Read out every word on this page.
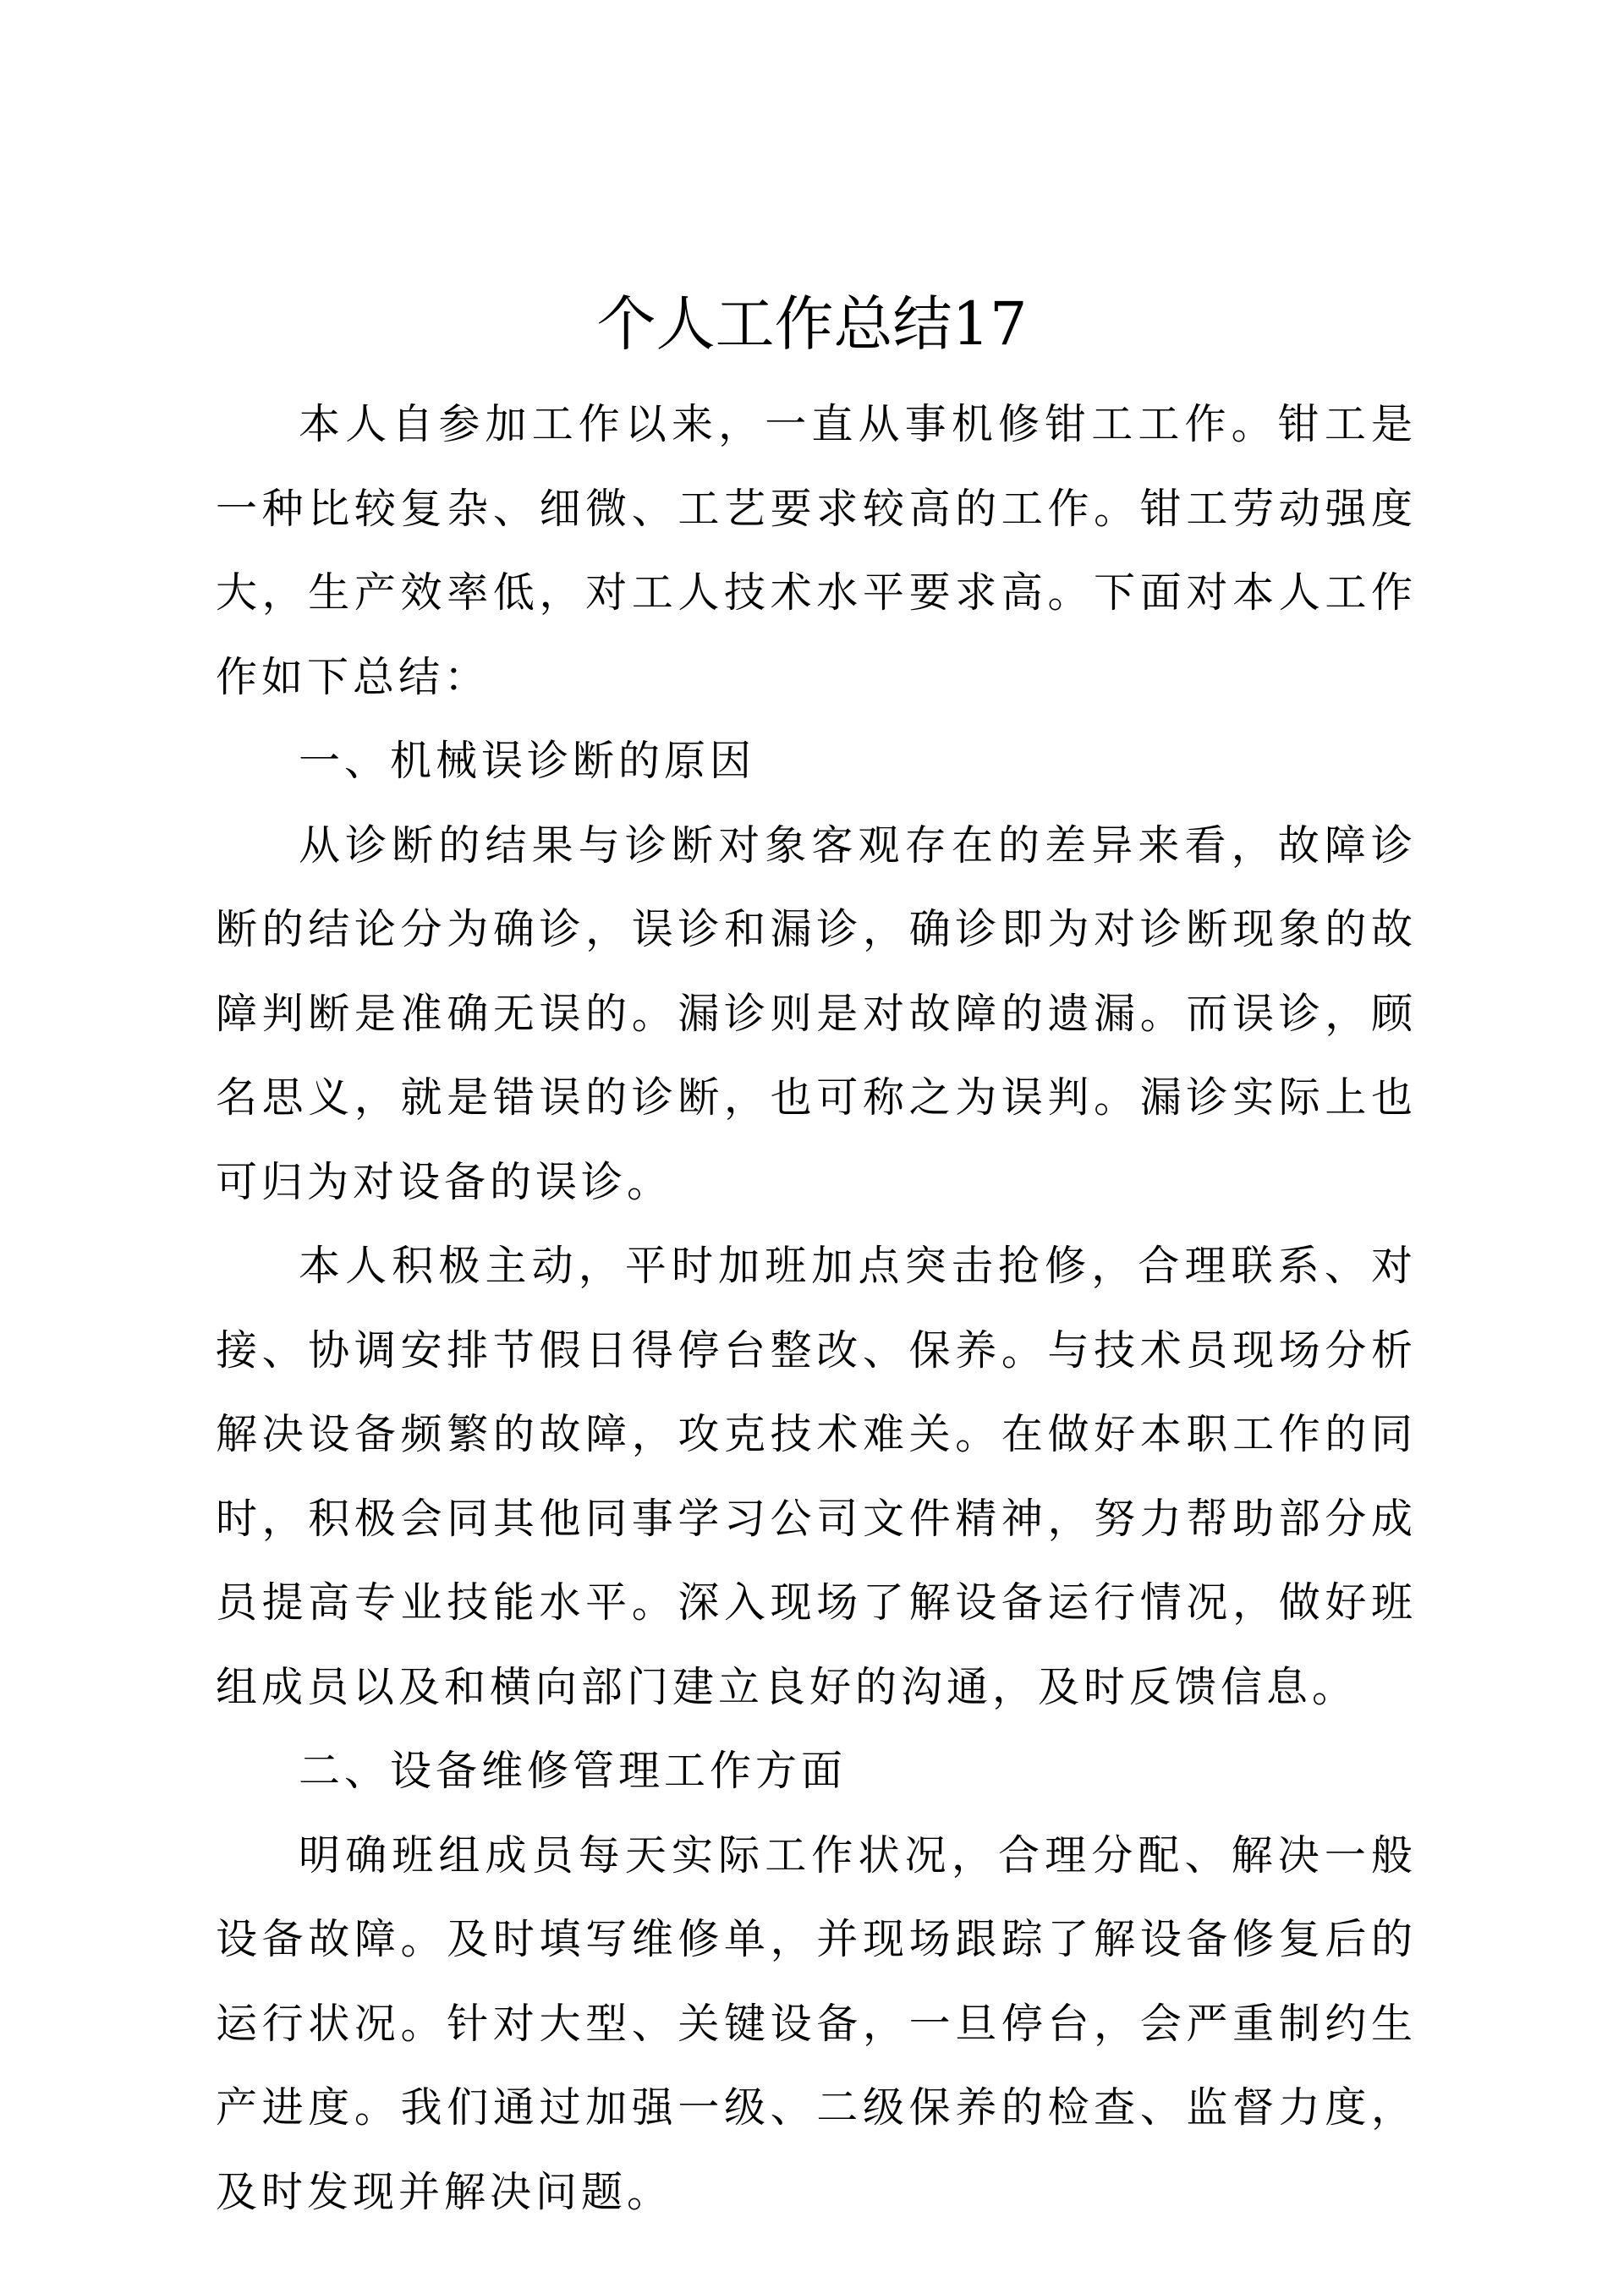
个人工作总结17

本人自参加工作以来，一直从事机修钳工工作。钳工是一种比较复杂、细微、工艺要求较高的工作。钳工劳动强度大，生产效率低，对工人技术水平要求高。下面对本人工作作如下总结：

一、机械误诊断的原因

从诊断的结果与诊断对象客观存在的差异来看，故障诊断的结论分为确诊，误诊和漏诊，确诊即为对诊断现象的故障判断是准确无误的。漏诊则是对故障的遗漏。而误诊，顾名思义，就是错误的诊断，也可称之为误判。漏诊实际上也可归为对设备的误诊。

本人积极主动，平时加班加点突击抢修，合理联系、对接、协调安排节假日得停台整改、保养。与技术员现场分析解决设备频繁的故障，攻克技术难关。在做好本职工作的同时，积极会同其他同事学习公司文件精神，努力帮助部分成员提高专业技能水平。深入现场了解设备运行情况，做好班组成员以及和横向部门建立良好的沟通，及时反馈信息。

二、设备维修管理工作方面

明确班组成员每天实际工作状况，合理分配、解决一般设备故障。及时填写维修单，并现场跟踪了解设备修复后的运行状况。针对大型、关键设备，一旦停台，会严重制约生产进度。我们通过加强一级、二级保养的检查、监督力度，及时发现并解决问题。
